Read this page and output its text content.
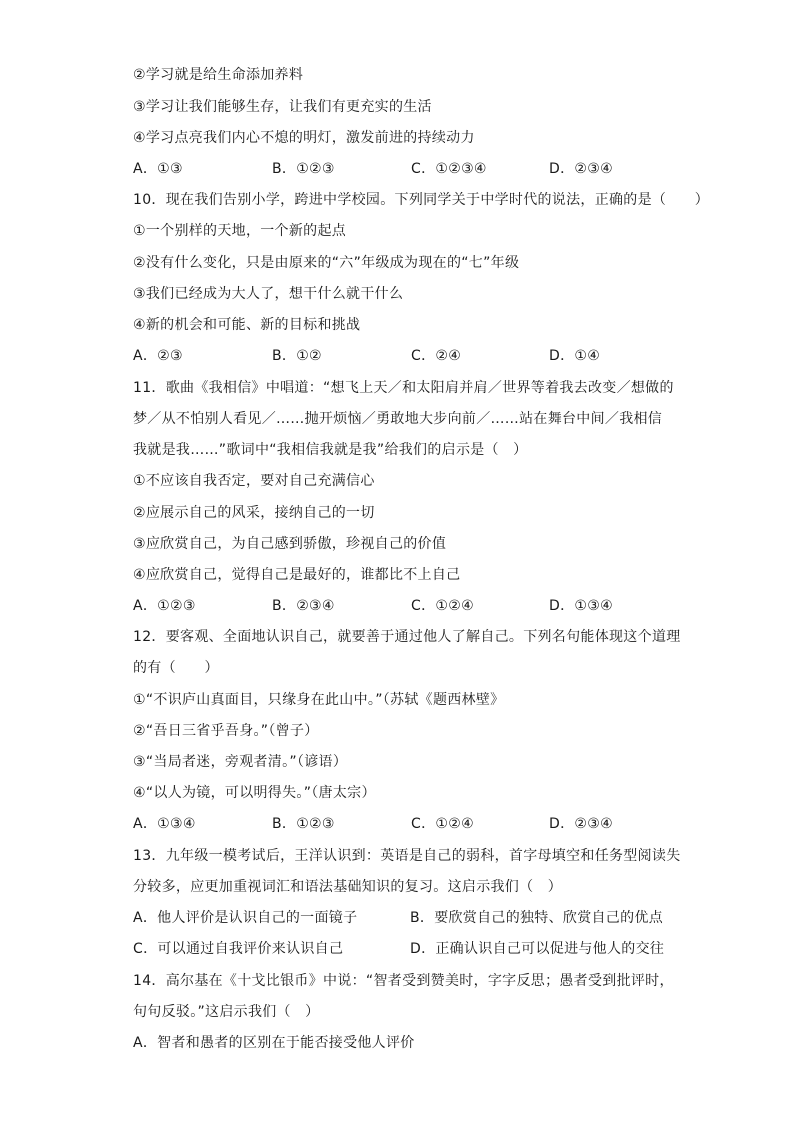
②学习就是给生命添加养料
③学习让我们能够生存，让我们有更充实的生活
④学习点亮我们内心不熄的明灯，激发前进的持续动力
A．①③	B．①②③	C．①②③④	D．②③④
10．现在我们告别小学，跨进中学校园。下列同学关于中学时代的说法，正确的是（　　）
①一个别样的天地，一个新的起点
②没有什么变化，只是由原来的“六”年级成为现在的“七”年级
③我们已经成为大人了，想干什么就干什么
④新的机会和可能、新的目标和挑战
A．②③	B．①②	C．②④	D．①④
11．歌曲《我相信》中唱道：“想飞上天／和太阳肩并肩／世界等着我去改变／想做的
梦／从不怕别人看见／……抛开烦恼／勇敢地大步向前／……站在舞台中间／我相信
我就是我……”歌词中“我相信我就是我”给我们的启示是（　）
①不应该自我否定，要对自己充满信心
②应展示自己的风采，接纳自己的一切
③应欣赏自己，为自己感到骄傲，珍视自己的价值
④应欣赏自己，觉得自己是最好的，谁都比不上自己
A．①②③	B．②③④	C．①②④	D．①③④
12．要客观、全面地认识自己，就要善于通过他人了解自己。下列名句能体现这个道理
的有（　　）
①“不识庐山真面目，只缘身在此山中。”（苏轼《题西林壁》
②“吾日三省乎吾身。”（曾子）
③“当局者迷，旁观者清。”（谚语）
④“以人为镜，可以明得失。”（唐太宗）
A．①③④	B．①②③	C．①②④	D．②③④
13．九年级一模考试后，王洋认识到：英语是自己的弱科，首字母填空和任务型阅读失
分较多，应更加重视词汇和语法基础知识的复习。这启示我们（　）
A．他人评价是认识自己的一面镜子	B．要欣赏自己的独特、欣赏自己的优点
C．可以通过自我评价来认识自己	D．正确认识自己可以促进与他人的交往
14．高尔基在《十戈比银币》中说：“智者受到赞美时，字字反思；愚者受到批评时，
句句反驳。”这启示我们（　）
A．智者和愚者的区别在于能否接受他人评价
